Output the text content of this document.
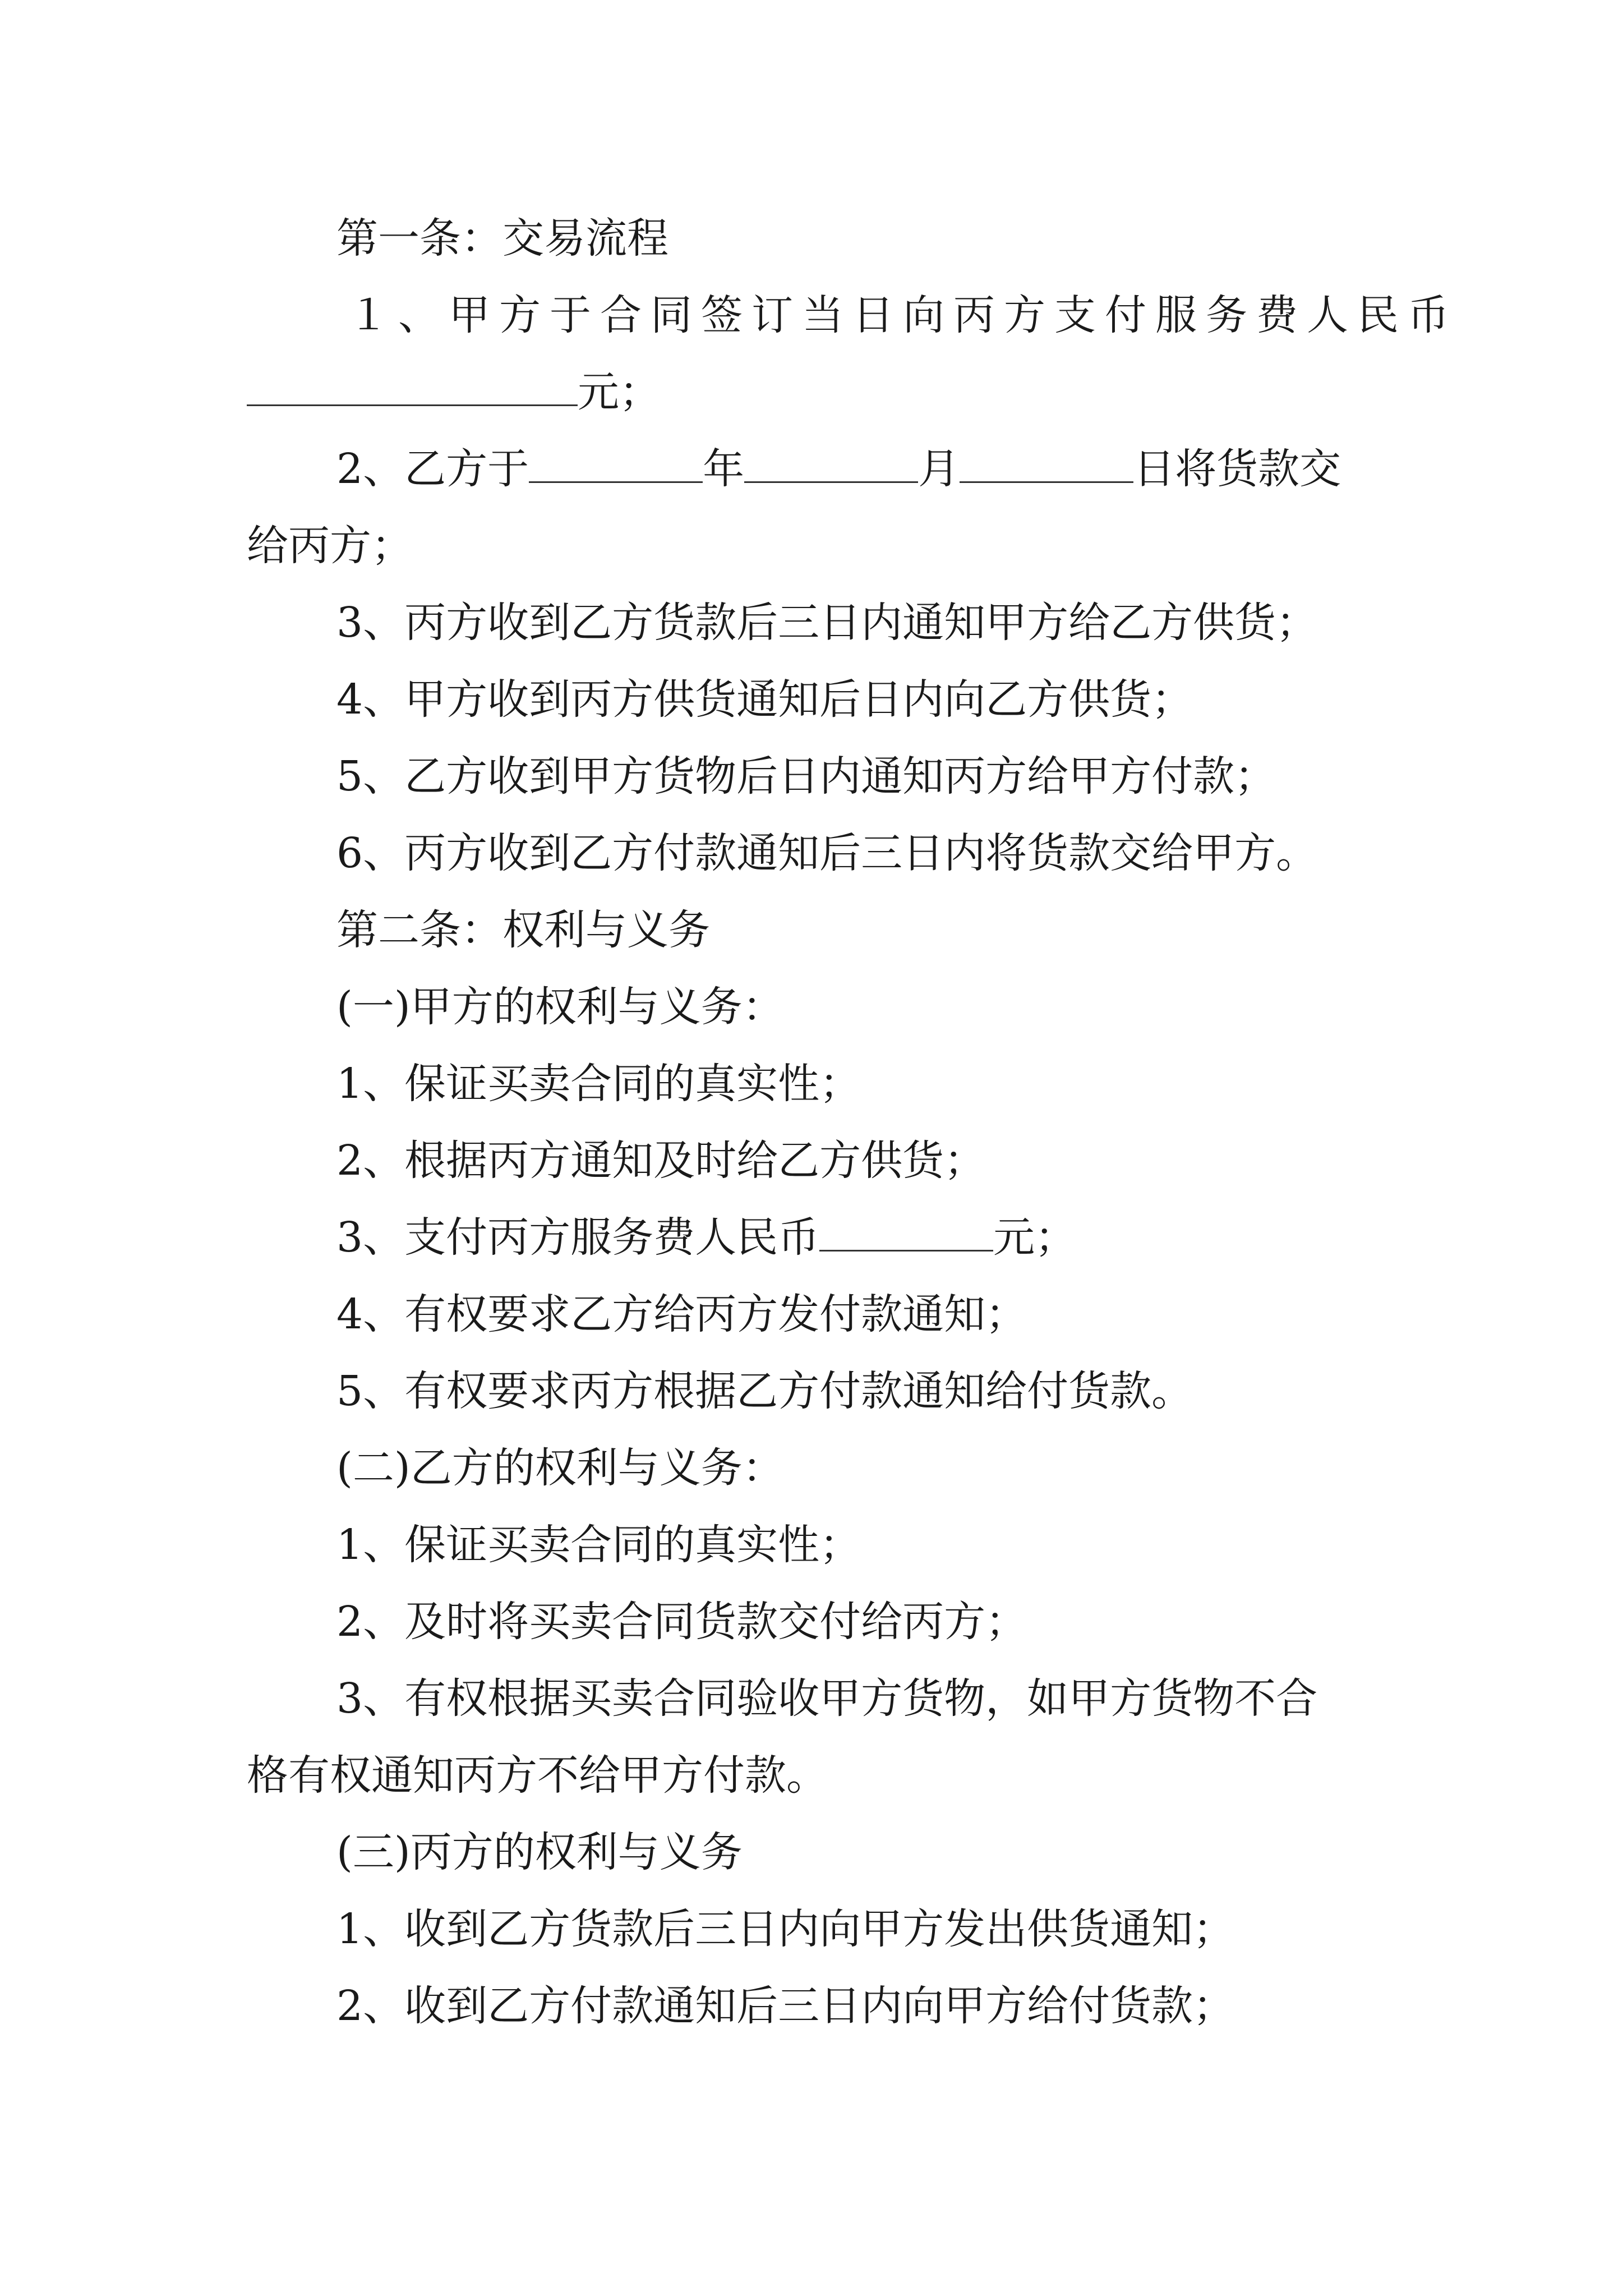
第一条：交易流程
１、甲方于合同签订当日向丙方支付服务费人民币
元；
2、乙方于	年	月	日将货款交
给丙方；
3、丙方收到乙方货款后三日内通知甲方给乙方供货；
4、甲方收到丙方供货通知后日内向乙方供货；
5、乙方收到甲方货物后日内通知丙方给甲方付款；
6、丙方收到乙方付款通知后三日内将货款交给甲方。
第二条：权利与义务
(一)甲方的权利与义务：
1、保证买卖合同的真实性；
2、根据丙方通知及时给乙方供货；
3、支付丙方服务费人民币	元；
4、有权要求乙方给丙方发付款通知；
5、有权要求丙方根据乙方付款通知给付货款。
(二)乙方的权利与义务：
1、保证买卖合同的真实性；
2、及时将买卖合同货款交付给丙方；
3、有权根据买卖合同验收甲方货物，如甲方货物不合
格有权通知丙方不给甲方付款。
(三)丙方的权利与义务
1、收到乙方货款后三日内向甲方发出供货通知；
2、收到乙方付款通知后三日内向甲方给付货款；
